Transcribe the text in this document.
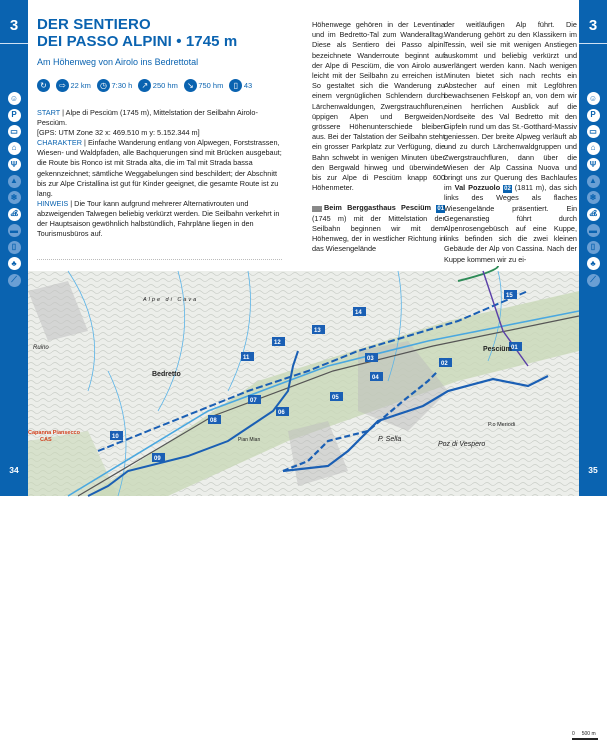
3
☺
P
▭
⌂
Ψ
▲
❄
ൿ
▬
▯
♣
⟋
34
3
☺
P
▭
⌂
Ψ
▲
❄
ൿ
▬
▯
♣
⟋
35
DER SENTIERO
DEI PASSO ALPINI • 1745 m
Am Höhenweg von Airolo ins Bedrettotal
↻	⇨ 22 km	◷ 7:30 h	↗ 250 hm	↘ 750 hm	▯ 43

START | Alpe di Pesciüm (1745 m), Mittelstation der Seilbahn Airolo-Pesciüm.

[GPS: UTM Zone 32 x: 469.510 m y: 5.152.344 m]

CHARAKTER | Einfache Wanderung entlang von Alpwegen, Forststrassen, Wiesen- und Waldpfaden, alle Bachquerungen sind mit Brücken ausgebaut; die Route bis Ronco ist mit Strada alta, die im Tal mit Strada bassa gekennzeichnet; sämtliche Weggabelungen sind beschildert; der Abschnitt bis zur Alpe Cristallina ist gut für Kinder geeignet, die gesamte Route ist zu lang.

HINWEIS | Die Tour kann aufgrund mehrerer Alternativrouten und abzweigenden Talwegen beliebig verkürzt werden. Die Seilbahn verkehrt in der Hauptsaison gewöhnlich halbstündlich, Fahrpläne liegen in den Tourismusbüros auf.

Höhenwege gehören in der Leventina und im Bedretto-Tal zum Wanderalltag. Diese als Sentiero dei Passo alpini bezeichnete Wanderroute beginnt auf der Alpe di Pesciüm, die von Airolo aus leicht mit der Seilbahn zu erreichen ist. So gestaltet sich die Wanderung zu einem vergnüglichen Schlendern durch Lärchenwaldungen, Zwergstrauchfluren, üppigen Alpen und Bergweiden, grössere Höhenunterschiede bleiben aus. Bei der Talstation der Seilbahn steht ein grosser Parkplatz zur Verfügung, die Bahn schwebt in wenigen Minuten über den Bergwald hinweg und überwindet bis zur Alpe di Pesciüm knapp 600 Höhenmeter.

Beim Berggasthaus Pesciüm 01 (1745 m) mit der Mittelstation der Seilbahn beginnen wir mit dem Höhenweg, der in westlicher Richtung in das Wiesengelände

der weitläufigen Alp führt. Die Wanderung gehört zu den Klassikern im Tessin, weil sie mit wenigen Anstiegen auskommt und beliebig verkürzt und verlängert werden kann. Nach wenigen Minuten bietet sich nach rechts ein Abstecher auf einen mit Legföhren bewachsenen Felskopf an, von dem wir einen herrlichen Ausblick auf die Nordseite des Val Bedretto mit den Gipfeln rund um das St.-Gotthard-Massiv geniessen. Der breite Alpweg verläuft ab und zu durch Lärchenwaldgruppen und Zwergstrauchfluren, dann über die Wiesen der Alp Cassina Nuova und bringt uns zur Querung des Bachlaufes im Val Pozzuolo 02 (1811 m), das sich links des Weges als flaches Wiesengelände präsentiert. Ein Gegenanstieg führt durch Alpenrosengebüsch auf eine Kuppe, links befinden sich die zwei kleinen Gebäude der Alp von Cassina. Nach der Kuppe kommen wir zu ei-

01
02
03
04
05
06
07
08
09
10
11
12
13
14
15
Bedretto
Pesciüm
Alpe di Cava
P. Sella
Poz di Vespero
P.o Meriodi
Pian Mian
Ruino
Capanna Piansecco
CAS
0 500 m
